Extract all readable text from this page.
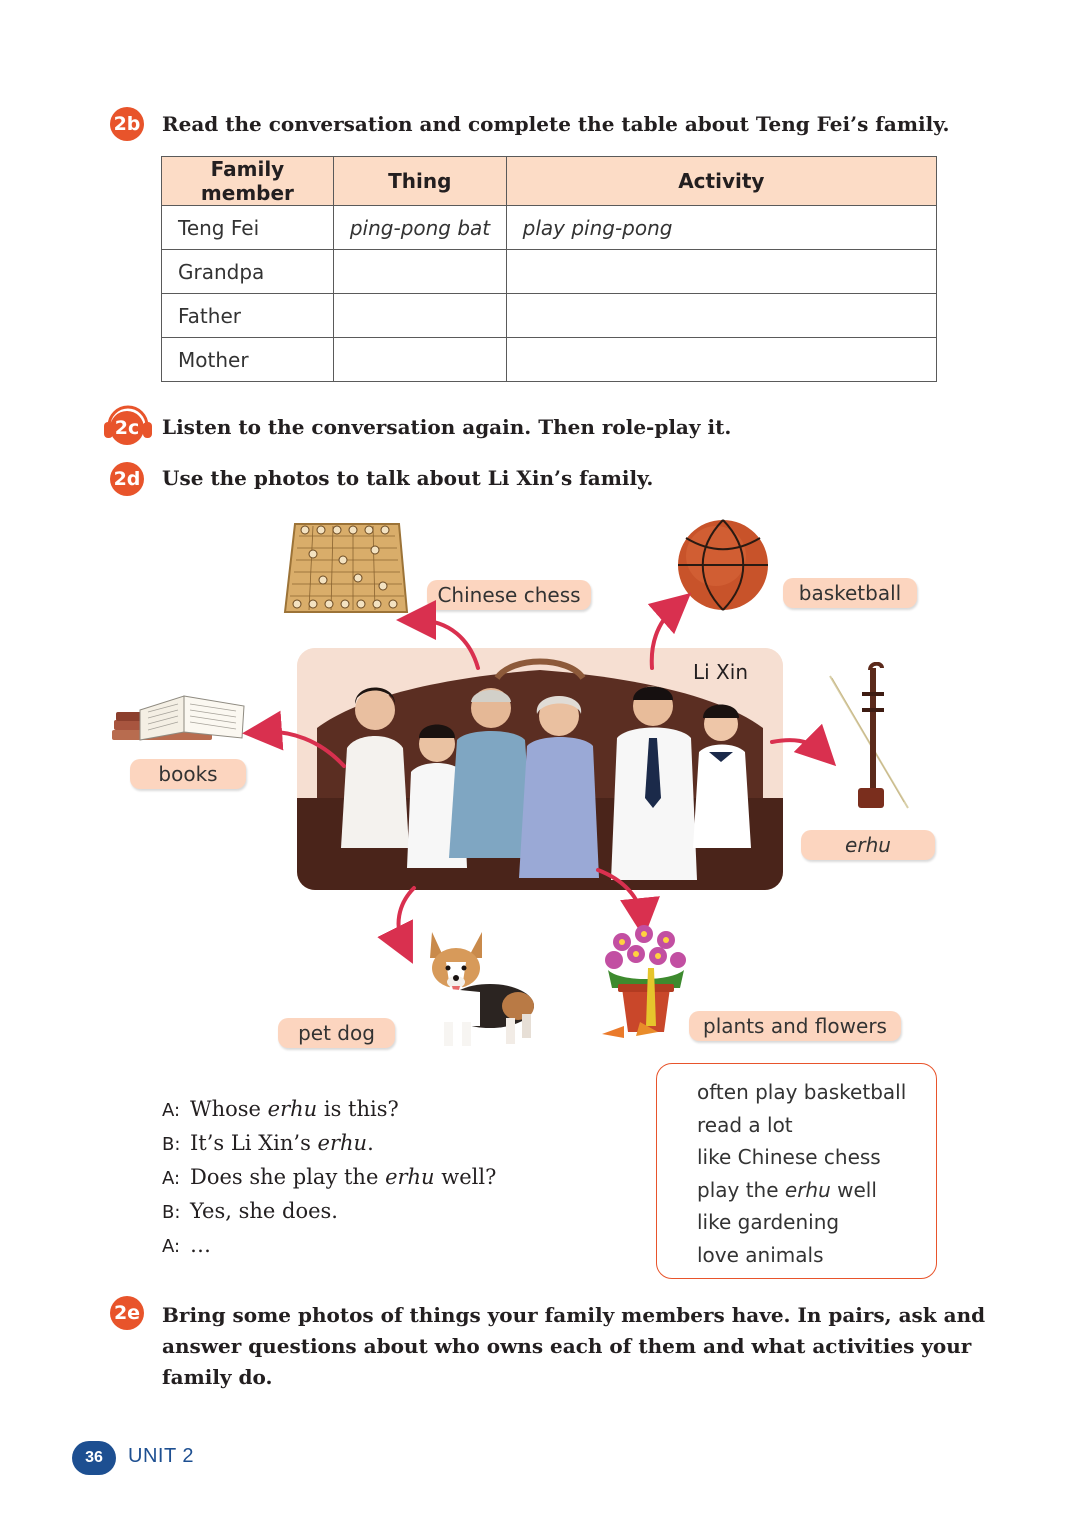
2b Read the conversation and complete the table about Teng Fei’s family.
Family member	Thing	Activity
Teng Fei	ping-pong bat	play ping-pong
Grandpa		
Father		
Mother		
2c Listen to the conversation again. Then role-play it.
2d Use the photos to talk about Li Xin’s family.
Chinese chess	basketball
books
erhu
Li Xin
pet dog	plants and flowers
A: Whose erhu is this?
B: It’s Li Xin’s erhu.
A: Does she play the erhu well?
B: Yes, she does.
A: …
often play basketball
read a lot
like Chinese chess
play the erhu well
like gardening
love animals
2e Bring some photos of things your family members have. In pairs, ask and
answer questions about who owns each of them and what activities your
family do.
36	UNIT 2
